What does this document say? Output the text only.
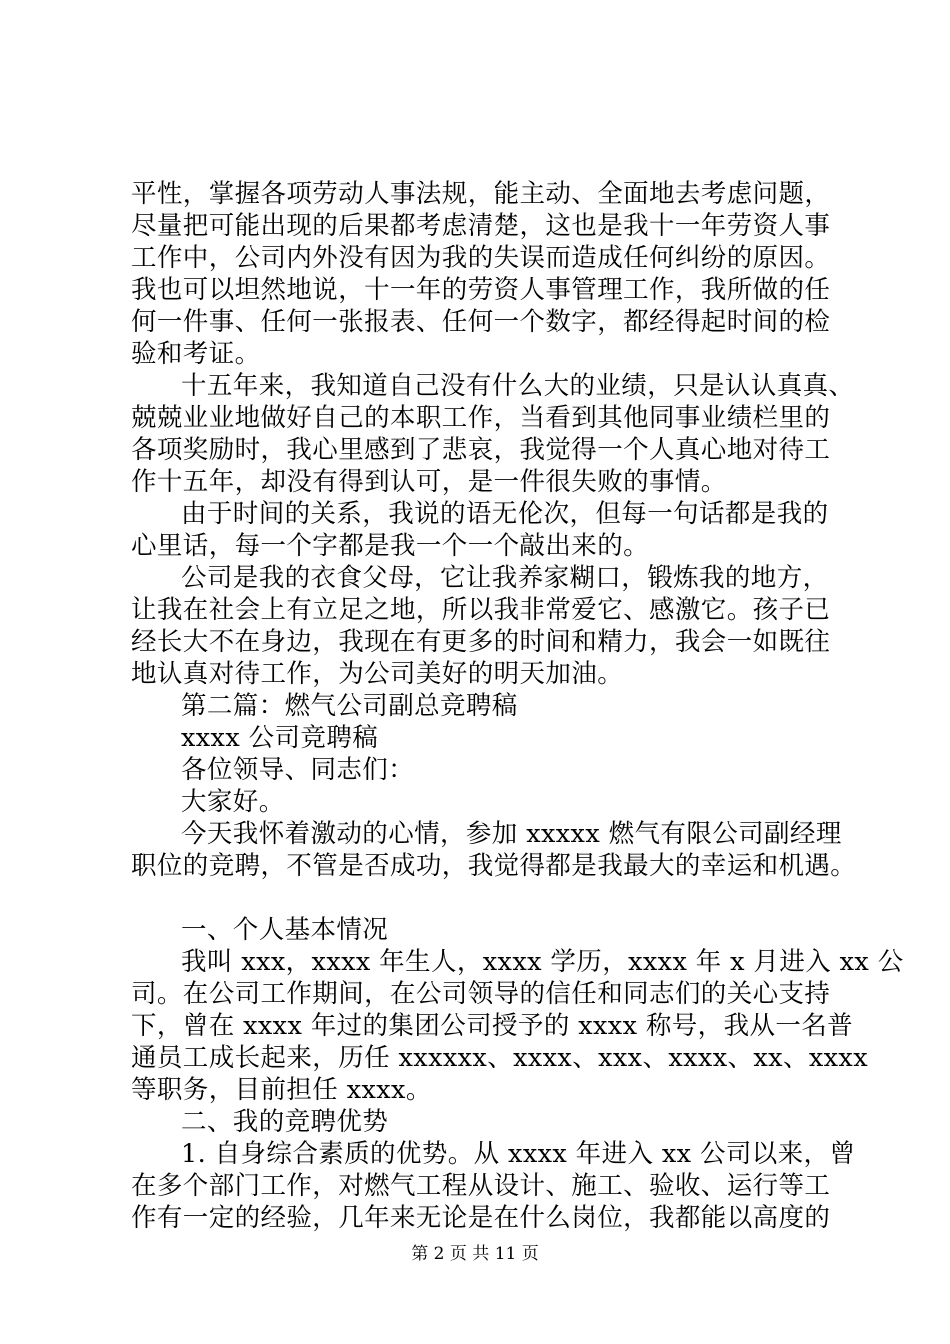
平性，掌握各项劳动人事法规，能主动、全面地去考虑问题，
尽量把可能出现的后果都考虑清楚，这也是我十一年劳资人事
工作中，公司内外没有因为我的失误而造成任何纠纷的原因。
我也可以坦然地说，十一年的劳资人事管理工作，我所做的任
何一件事、任何一张报表、任何一个数字，都经得起时间的检
验和考证。
十五年来，我知道自己没有什么大的业绩，只是认认真真、
兢兢业业地做好自己的本职工作，当看到其他同事业绩栏里的
各项奖励时，我心里感到了悲哀，我觉得一个人真心地对待工
作十五年，却没有得到认可，是一件很失败的事情。
由于时间的关系，我说的语无伦次，但每一句话都是我的
心里话，每一个字都是我一个一个敲出来的。
公司是我的衣食父母，它让我养家糊口，锻炼我的地方，
让我在社会上有立足之地，所以我非常爱它、感激它。孩子已
经长大不在身边，我现在有更多的时间和精力，我会一如既往
地认真对待工作，为公司美好的明天加油。
第二篇：燃气公司副总竞聘稿
xxxx 公司竞聘稿
各位领导、同志们：
大家好。
今天我怀着激动的心情，参加 xxxxx 燃气有限公司副经理
职位的竞聘，不管是否成功，我觉得都是我最大的幸运和机遇。
一、个人基本情况
我叫 xxx，xxxx 年生人，xxxx 学历，xxxx 年 x 月进入 xx 公
司。在公司工作期间，在公司领导的信任和同志们的关心支持
下，曾在 xxxx 年过的集团公司授予的 xxxx 称号，我从一名普
通员工成长起来，历任 xxxxxx、xxxx、xxx、xxxx、xx、xxxx
等职务，目前担任 xxxx。
二、我的竞聘优势
1. 自身综合素质的优势。从 xxxx 年进入 xx 公司以来，曾
在多个部门工作，对燃气工程从设计、施工、验收、运行等工
作有一定的经验，几年来无论是在什么岗位，我都能以高度的
第 2 页 共 11 页
